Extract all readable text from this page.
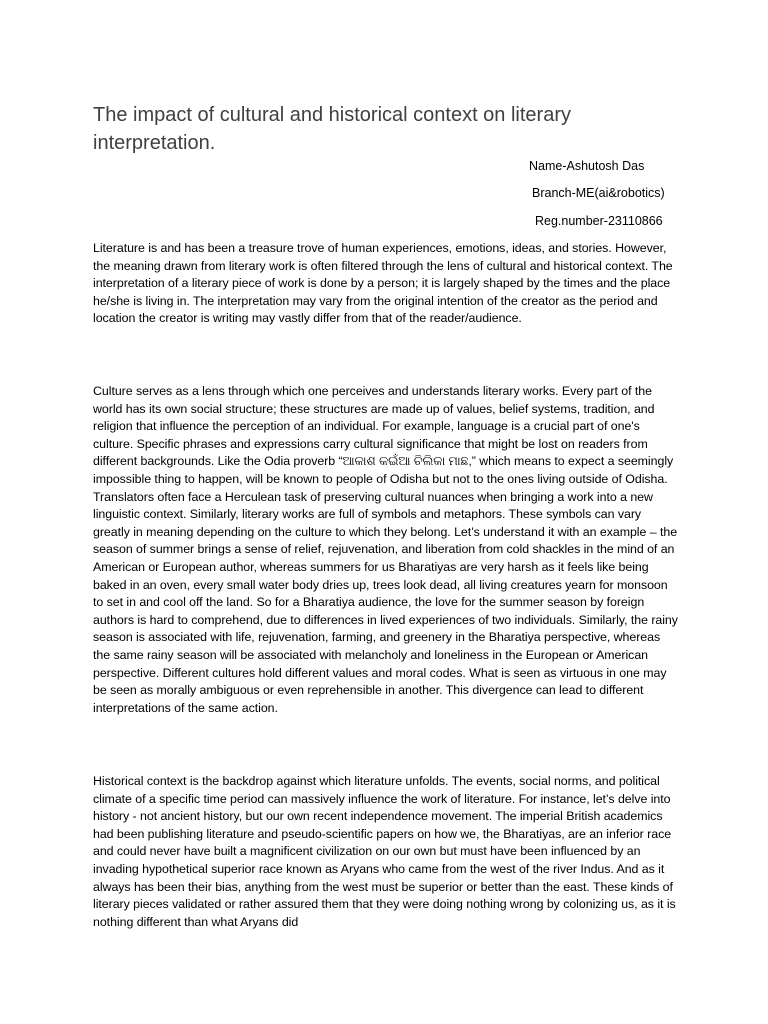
The impact of cultural and historical context on literary interpretation.
Name-Ashutosh Das
Branch-ME(ai&robotics)
Reg.number-23110866

Literature is and has been a treasure trove of human experiences, emotions, ideas, and stories. However, the meaning drawn from literary work is often filtered through the lens of cultural and historical context. The interpretation of a literary piece of work is done by a person; it is largely shaped by the times and the place he/she is living in. The interpretation may vary from the original intention of the creator as the period and location the creator is writing may vastly differ from that of the reader/audience.

Culture serves as a lens through which one perceives and understands literary works. Every part of the world has its own social structure; these structures are made up of values, belief systems, tradition, and religion that influence the perception of an individual. For example, language is a crucial part of one's culture. Specific phrases and expressions carry cultural significance that might be lost on readers from different backgrounds. Like the Odia proverb “ଆକାଶ କଇଁଆ ଚିଲିକା ମାଛ,” which means to expect a seemingly impossible thing to happen, will be known to people of Odisha but not to the ones living outside of Odisha. Translators often face a Herculean task of preserving cultural nuances when bringing a work into a new linguistic context. Similarly, literary works are full of symbols and metaphors. These symbols can vary greatly in meaning depending on the culture to which they belong. Let’s understand it with an example – the season of summer brings a sense of relief, rejuvenation, and liberation from cold shackles in the mind of an American or European author, whereas summers for us Bharatiyas are very harsh as it feels like being baked in an oven, every small water body dries up, trees look dead, all living creatures yearn for monsoon to set in and cool off the land. So for a Bharatiya audience, the love for the summer season by foreign authors is hard to comprehend, due to differences in lived experiences of two individuals. Similarly, the rainy season is associated with life, rejuvenation, farming, and greenery in the Bharatiya perspective, whereas the same rainy season will be associated with melancholy and loneliness in the European or American perspective. Different cultures hold different values and moral codes. What is seen as virtuous in one may be seen as morally ambiguous or even reprehensible in another. This divergence can lead to different interpretations of the same action.

Historical context is the backdrop against which literature unfolds. The events, social norms, and political climate of a specific time period can massively influence the work of literature. For instance, let’s delve into history - not ancient history, but our own recent independence movement. The imperial British academics had been publishing literature and pseudo-scientific papers on how we, the Bharatiyas, are an inferior race and could never have built a magnificent civilization on our own but must have been influenced by an invading hypothetical superior race known as Aryans who came from the west of the river Indus. And as it always has been their bias, anything from the west must be superior or better than the east. These kinds of literary pieces validated or rather assured them that they were doing nothing wrong by colonizing us, as it is nothing different than what Aryans did
